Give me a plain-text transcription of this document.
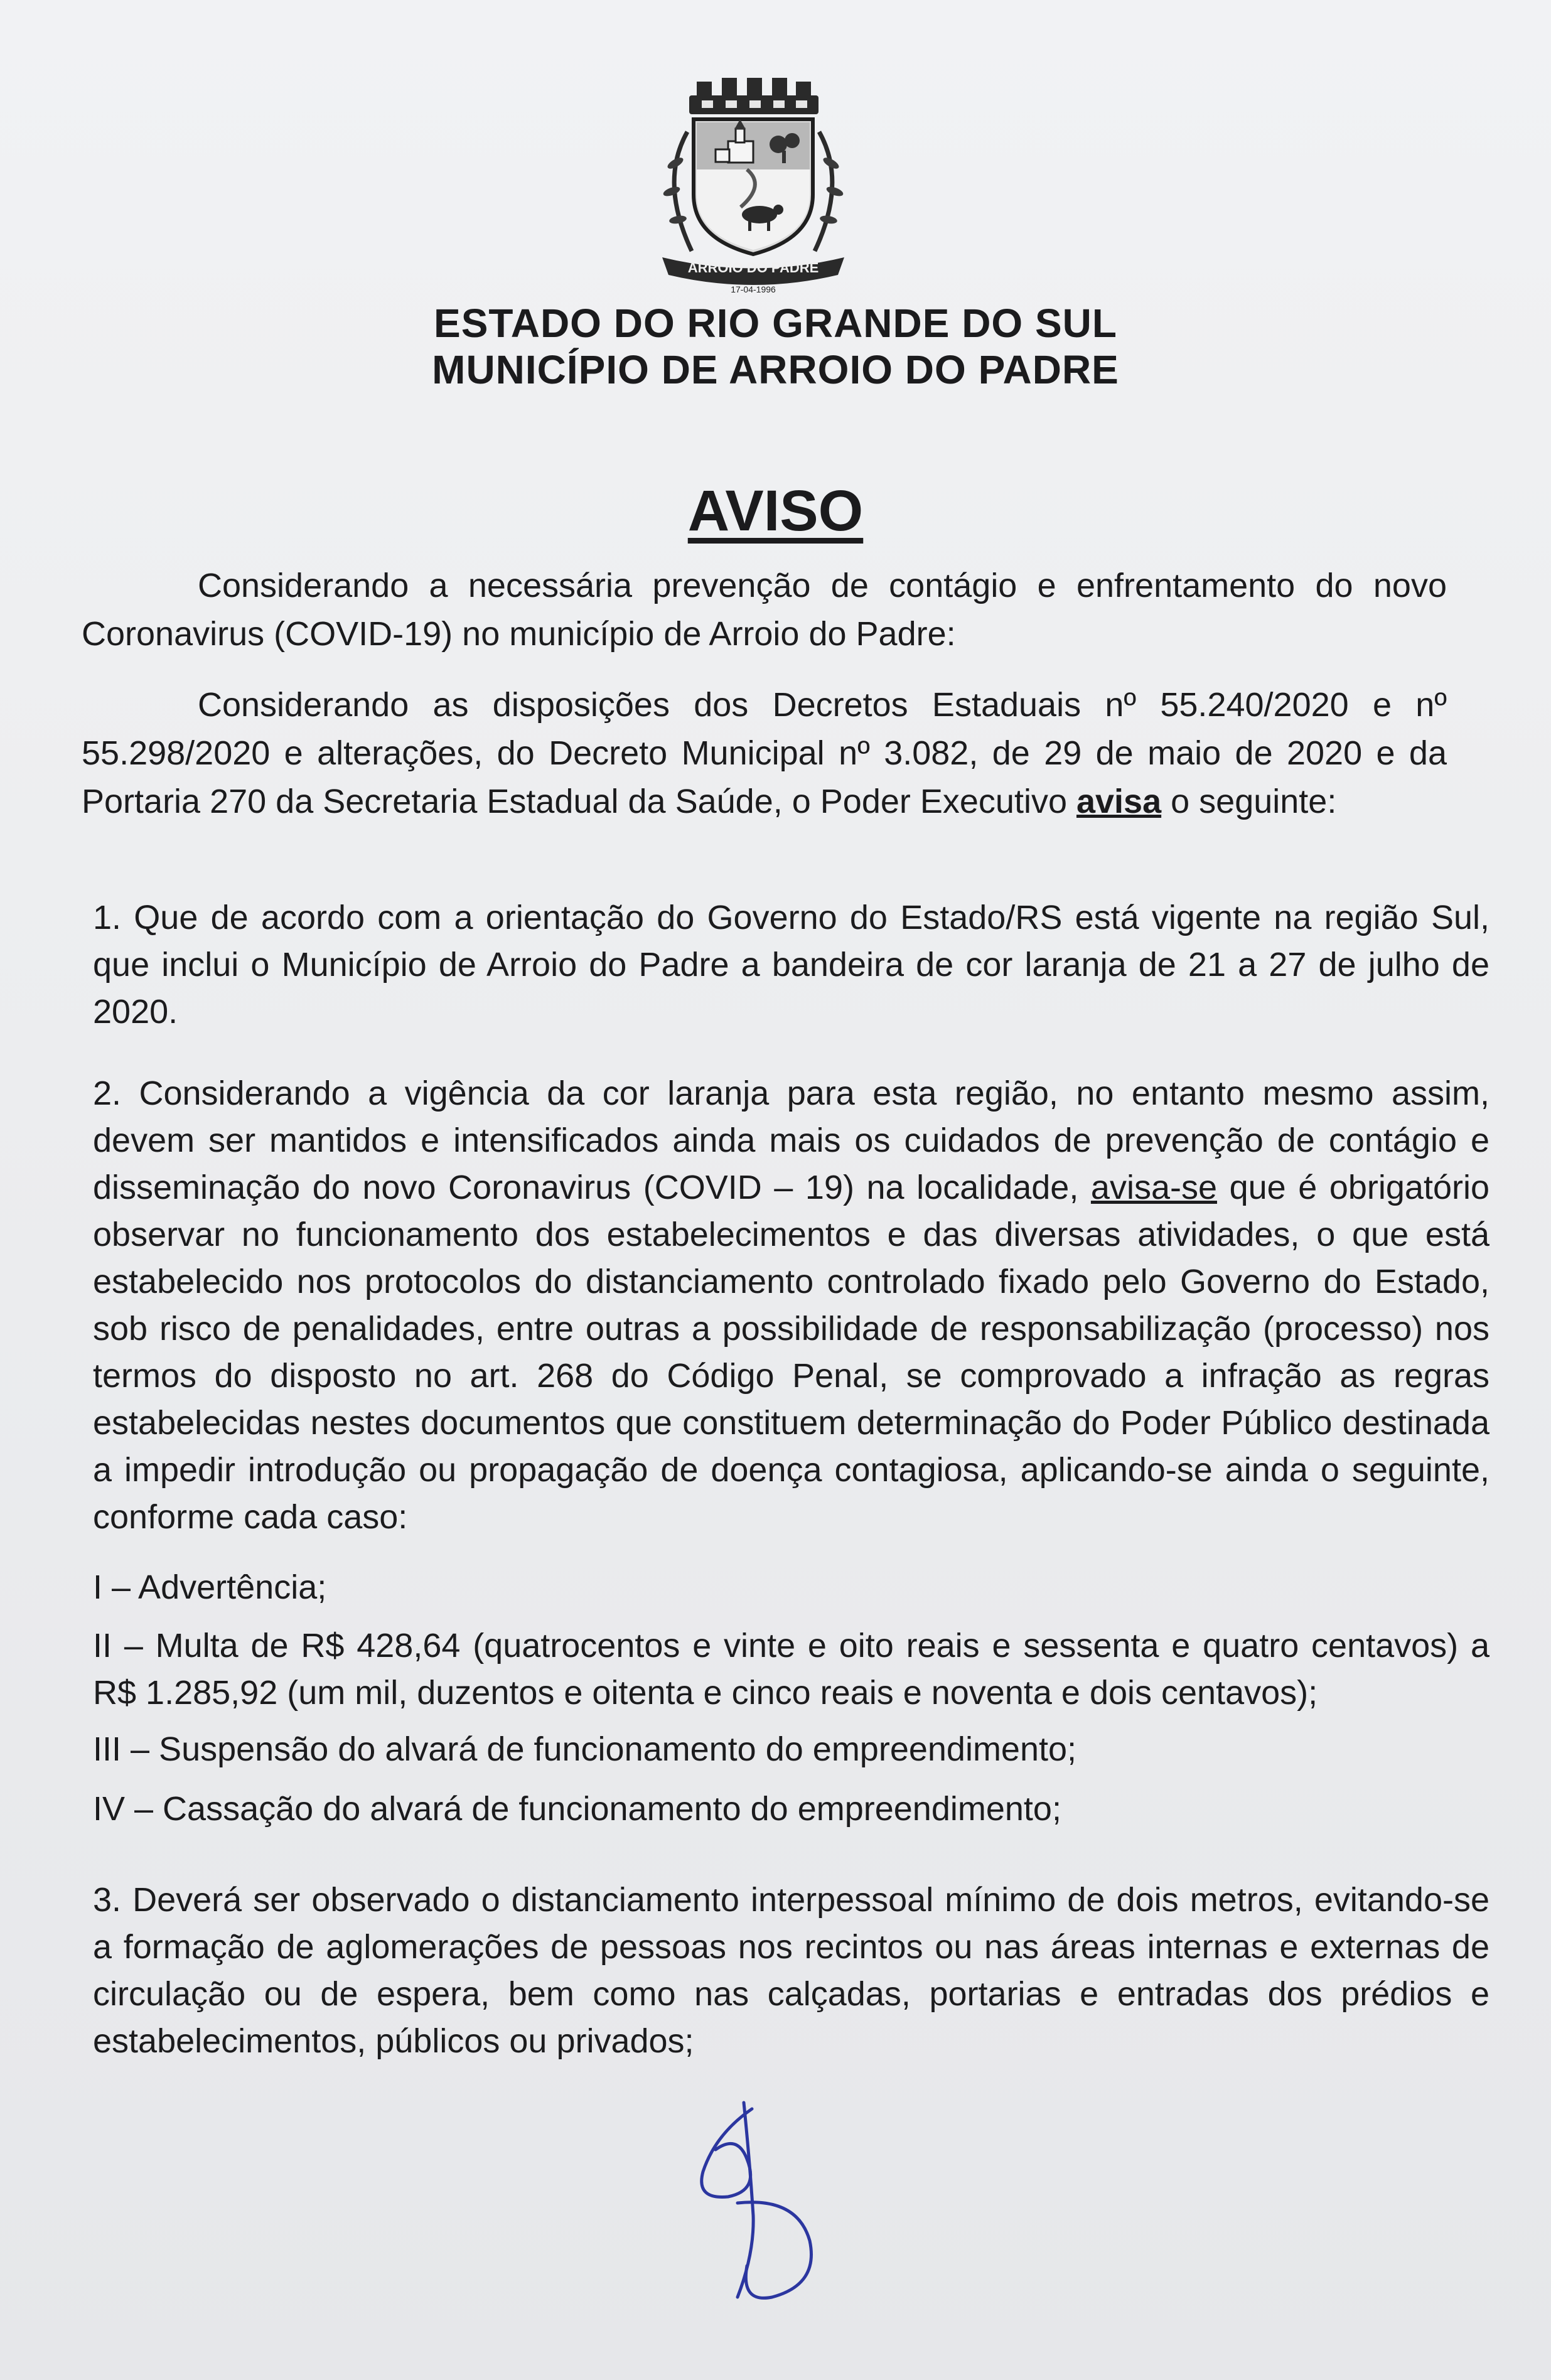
ARROIO DO PADRE
17-04-1996
ESTADO DO RIO GRANDE DO SUL
MUNICÍPIO DE ARROIO DO PADRE
AVISO
Considerando a necessária prevenção de contágio e enfrentamento do novo Coronavirus (COVID-19) no município de Arroio do Padre:
Considerando as disposições dos Decretos Estaduais nº 55.240/2020 e nº 55.298/2020 e alterações, do Decreto Municipal nº 3.082, de 29 de maio de 2020 e da Portaria 270 da Secretaria Estadual da Saúde, o Poder Executivo avisa o seguinte:
1. Que de acordo com a orientação do Governo do Estado/RS está vigente na região Sul, que inclui o Município de Arroio do Padre a bandeira de cor laranja de 21 a 27 de julho de 2020.
2. Considerando a vigência da cor laranja para esta região, no entanto mesmo assim, devem ser mantidos e intensificados ainda mais os cuidados de prevenção de contágio e disseminação do novo Coronavirus (COVID – 19) na localidade, avisa-se que é obrigatório observar no funcionamento dos estabelecimentos e das diversas atividades, o que está estabelecido nos protocolos do distanciamento controlado fixado pelo Governo do Estado, sob risco de penalidades, entre outras a possibilidade de responsabilização (processo) nos termos do disposto no art. 268 do Código Penal, se comprovado a infração as regras estabelecidas nestes documentos que constituem determinação do Poder Público destinada a impedir introdução ou propagação de doença contagiosa, aplicando-se ainda o seguinte, conforme cada caso:
I – Advertência;
II – Multa de R$ 428,64 (quatrocentos e vinte e oito reais e sessenta e quatro centavos) a R$ 1.285,92 (um mil, duzentos e oitenta e cinco reais e noventa e dois centavos);
III – Suspensão do alvará de funcionamento do empreendimento;
IV – Cassação do alvará de funcionamento do empreendimento;
3. Deverá ser observado o distanciamento interpessoal mínimo de dois metros, evitando-se a formação de aglomerações de pessoas nos recintos ou nas áreas internas e externas de circulação ou de espera, bem como nas calçadas, portarias e entradas dos prédios e estabelecimentos, públicos ou privados;
